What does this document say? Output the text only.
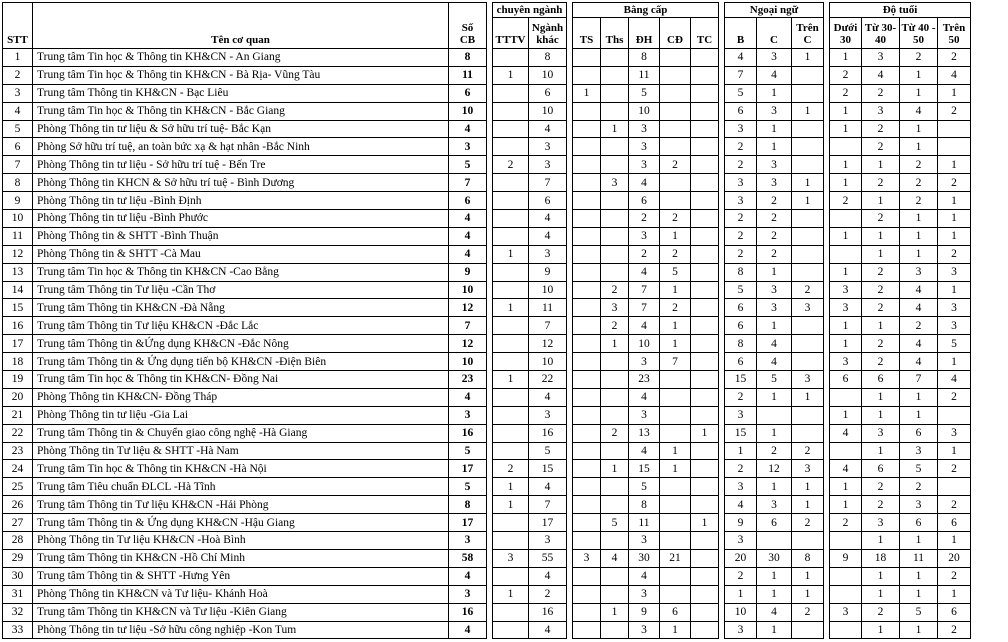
STT	Tên cơ quan	Số
CB		chuyên ngành			Bằng cấp						Ngoại ngữ				Độ tuổi			
				TTTV	Ngành khác		TS	Ths	ĐH	CĐ	TC		B	C	Trên C		Dưới 30	Từ 30-40	Từ 40 - 50	Trên 50
1	Trung tâm Tin học & Thông tin KH&CN - An Giang	8			8				8				4	3	1		1	3	2	2
2	Trung tâm Tin học & Thông tin KH&CN - Bà Rịa- Vũng Tàu	11		1	10				11				7	4			2	4	1	4
3	Trung tâm Thông tin KH&CN - Bạc Liêu	6			6		1		5				5	1			2	2	1	1
4	Trung tâm Tin học & Thông tin KH&CN - Bắc Giang	10			10				10				6	3	1		1	3	4	2
5	Phòng Thông tin tư liệu & Sở hữu trí tuệ- Bắc Kạn	4			4			1	3				3	1			1	2	1	
6	Phòng Sở hữu trí tuệ, an toàn bức xạ & hạt nhân -Bắc Ninh	3			3				3				2	1				2	1	
7	Phòng Thông tin tư liệu - Sở hữu trí tuệ - Bến Tre	5		2	3				3	2			2	3			1	1	2	1
8	Phòng Thông tin KHCN & Sở hữu trí tuệ - Bình Dương	7			7			3	4				3	3	1		1	2	2	2
9	Phòng Thông tin tư liệu -Bình Định	6			6				6				3	2	1		2	1	2	1
10	Phòng Thông tin tư liệu -Bình Phước	4			4				2	2			2	2				2	1	1
11	Phòng Thông tin & SHTT -Bình Thuận	4			4				3	1			2	2			1	1	1	1
12	Phòng Thông tin & SHTT -Cà Mau	4		1	3				2	2			2	2				1	1	2
13	Trung tâm Tin học & Thông tin KH&CN -Cao Bằng	9			9				4	5			8	1			1	2	3	3
14	Trung tâm Thông tin Tư liệu -Cần Thơ	10			10			2	7	1			5	3	2		3	2	4	1
15	Trung tâm Thông tin KH&CN -Đà Nẵng	12		1	11			3	7	2			6	3	3		3	2	4	3
16	Trung tâm Thông tin Tư liệu KH&CN -Đắc Lắc	7			7			2	4	1			6	1			1	1	2	3
17	Trung tâm Thông tin &Ứng dụng KH&CN -Đắc Nông	12			12			1	10	1			8	4			1	2	4	5
18	Trung tâm Thông tin & Ứng dụng tiến bộ KH&CN -Điện Biên	10			10				3	7			6	4			3	2	4	1
19	Trung tâm Tin học & Thông tin KH&CN- Đồng Nai	23		1	22				23				15	5	3		6	6	7	4
20	Phòng Thông tin KH&CN- Đồng Tháp	4			4				4				2	1	1			1	1	2
21	Phòng Thông tin tư liệu -Gia Lai	3			3				3				3				1	1	1	
22	Trung tâm Thông tin & Chuyển giao công nghệ -Hà Giang	16			16			2	13		1		15	1			4	3	6	3
23	Phòng Thông tin Tư liệu & SHTT -Hà Nam	5			5				4	1			1	2	2			1	3	1
24	Trung tâm Tin học & Thông tin KH&CN -Hà Nội	17		2	15			1	15	1			2	12	3		4	6	5	2
25	Trung tâm Tiêu chuẩn ĐLCL -Hà Tĩnh	5		1	4				5				3	1	1		1	2	2	
26	Trung tâm Thông tin Tư liệu KH&CN -Hải Phòng	8		1	7				8				4	3	1		1	2	3	2
27	Trung tâm Thông tin & Ứng dụng KH&CN -Hậu Giang	17			17			5	11		1		9	6	2		2	3	6	6
28	Phòng Thông tin Tư liệu KH&CN -Hoà Bình	3			3				3				3					1	1	1
29	Trung tâm Thông tin KH&CN -Hồ Chí Minh	58		3	55		3	4	30	21			20	30	8		9	18	11	20
30	Trung tâm Thông tin & SHTT -Hưng Yên	4			4				4				2	1	1			1	1	2
31	Phòng Thông tin KH&CN và Tư liệu- Khánh Hoà	3		1	2				3				1	1	1			1	1	1
32	Trung tâm Thông tin KH&CN và Tư liệu -Kiên Giang	16			16			1	9	6			10	4	2		3	2	5	6
33	Phòng Thông tin tư liệu -Sở hữu công nghiệp -Kon Tum	4			4				3	1			3	1				1	1	2
